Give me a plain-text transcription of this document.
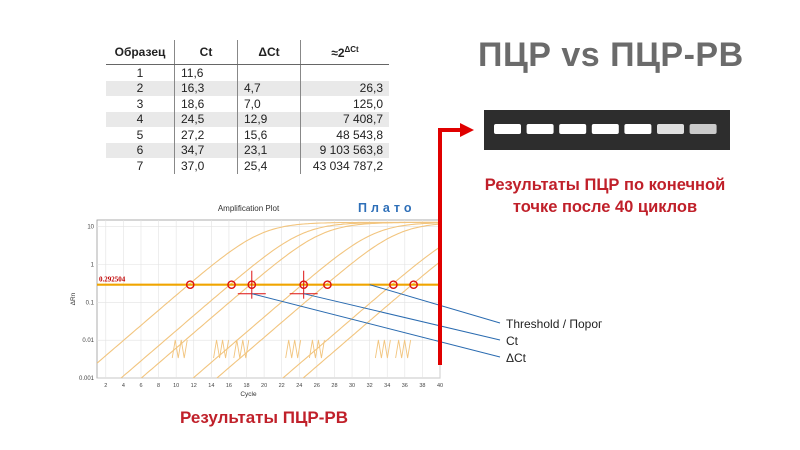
ПЦР vs ПЦР-РВ
Образец	Ct	ΔCt	$\approx 2^{\Delta Ct}$
1	11,6		
2	16,3	4,7	26,3
3	18,6	7,0	125,0
4	24,5	12,9	7 408,7
5	27,2	15,6	48 543,8
6	34,7	23,1	9 103 563,8
7	37,0	25,4	43 034 787,2
Плато
Результаты ПЦР по конечной точке после 40 циклов
Результаты ПЦР-РВ
Threshold / Порог
Ct
ΔCt
Amplification Plot
2	4	6	8 10 12 14 16 18 20 22 24 26 28 30 32 34 36 38 40
0.001
0.01
0.1
1
10
Cycle
ΔRn
0.292504
